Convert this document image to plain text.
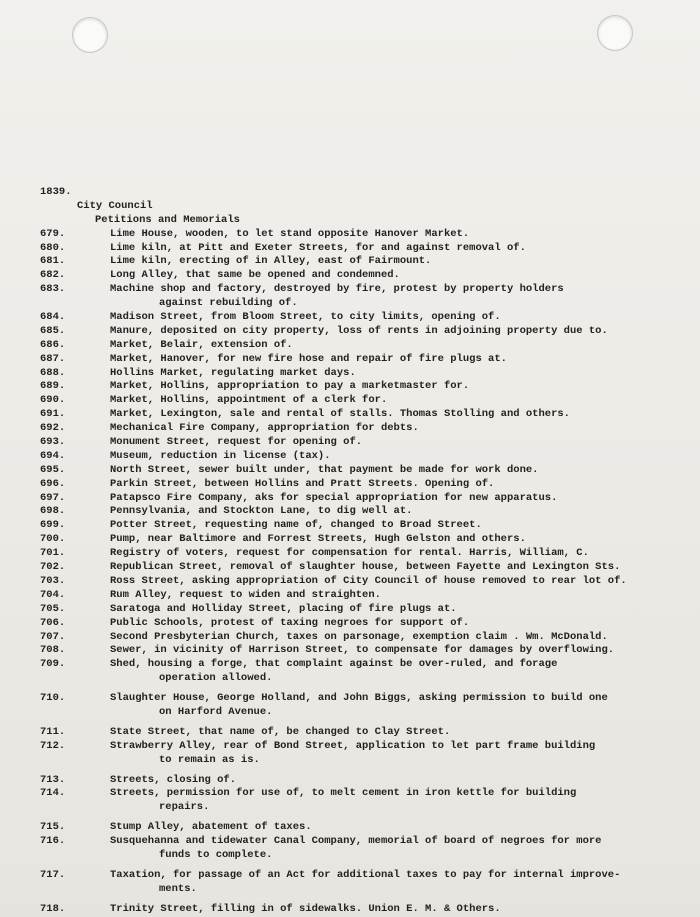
1839.
City Council
Petitions and Memorials
679.	Lime House, wooden, to let stand opposite Hanover Market.
680.	Lime kiln, at Pitt and Exeter Streets, for and against removal of.
681.	Lime kiln, erecting of in Alley, east of Fairmount.
682.	Long Alley, that same be opened and condemned.
683.	Machine shop and factory, destroyed by fire, protest by property holders
against rebuilding of.
684.	Madison Street, from Bloom Street, to city limits, opening of.
685.	Manure, deposited on city property, loss of rents in adjoining property due to.
686.	Market, Belair, extension of.
687.	Market, Hanover, for new fire hose and repair of fire plugs at.
688.	Hollins Market, regulating market days.
689.	Market, Hollins, appropriation to pay a marketmaster for.
690.	Market, Hollins, appointment of a clerk for.
691.	Market, Lexington, sale and rental of stalls. Thomas Stolling and others.
692.	Mechanical Fire Company, appropriation for debts.
693.	Monument Street, request for opening of.
694.	Museum, reduction in license (tax).
695.	North Street, sewer built under, that payment be made for work done.
696.	Parkin Street, between Hollins and Pratt Streets. Opening of.
697.	Patapsco Fire Company, aks for special appropriation for new apparatus.
698.	Pennsylvania, and Stockton Lane, to dig well at.
699.	Potter Street, requesting name of, changed to Broad Street.
700.	Pump, near Baltimore and Forrest Streets, Hugh Gelston and others.
701.	Registry of voters, request for compensation for rental. Harris, William, C.
702.	Republican Street, removal of slaughter house, between Fayette and Lexington Sts.
703.	Ross Street, asking appropriation of City Council of house removed to rear lot of.
704.	Rum Alley, request to widen and straighten.
705.	Saratoga and Holliday Street, placing of fire plugs at.
706.	Public Schools, protest of taxing negroes for support of.
707.	Second Presbyterian Church, taxes on parsonage, exemption claim . Wm. McDonald.
708.	Sewer, in vicinity of Harrison Street, to compensate for damages by overflowing.
709.	Shed, housing a forge, that complaint against be over-ruled, and forage
operation allowed.
710.	Slaughter House, George Holland, and John Biggs, asking permission to build one
on Harford Avenue.
711.	State Street, that name of, be changed to Clay Street.
712.	Strawberry Alley, rear of Bond Street, application to let part frame building
to remain as is.
713.	Streets, closing of.
714.	Streets, permission for use of, to melt cement in iron kettle for building
repairs.
715.	Stump Alley, abatement of taxes.
716.	Susquehanna and tidewater Canal Company, memorial of board of negroes for more
funds to complete.
717.	Taxation, for passage of an Act for additional taxes to pay for internal improve-
ments.
718.	Trinity Street, filling in of sidewalks. Union E. M. & Others.
